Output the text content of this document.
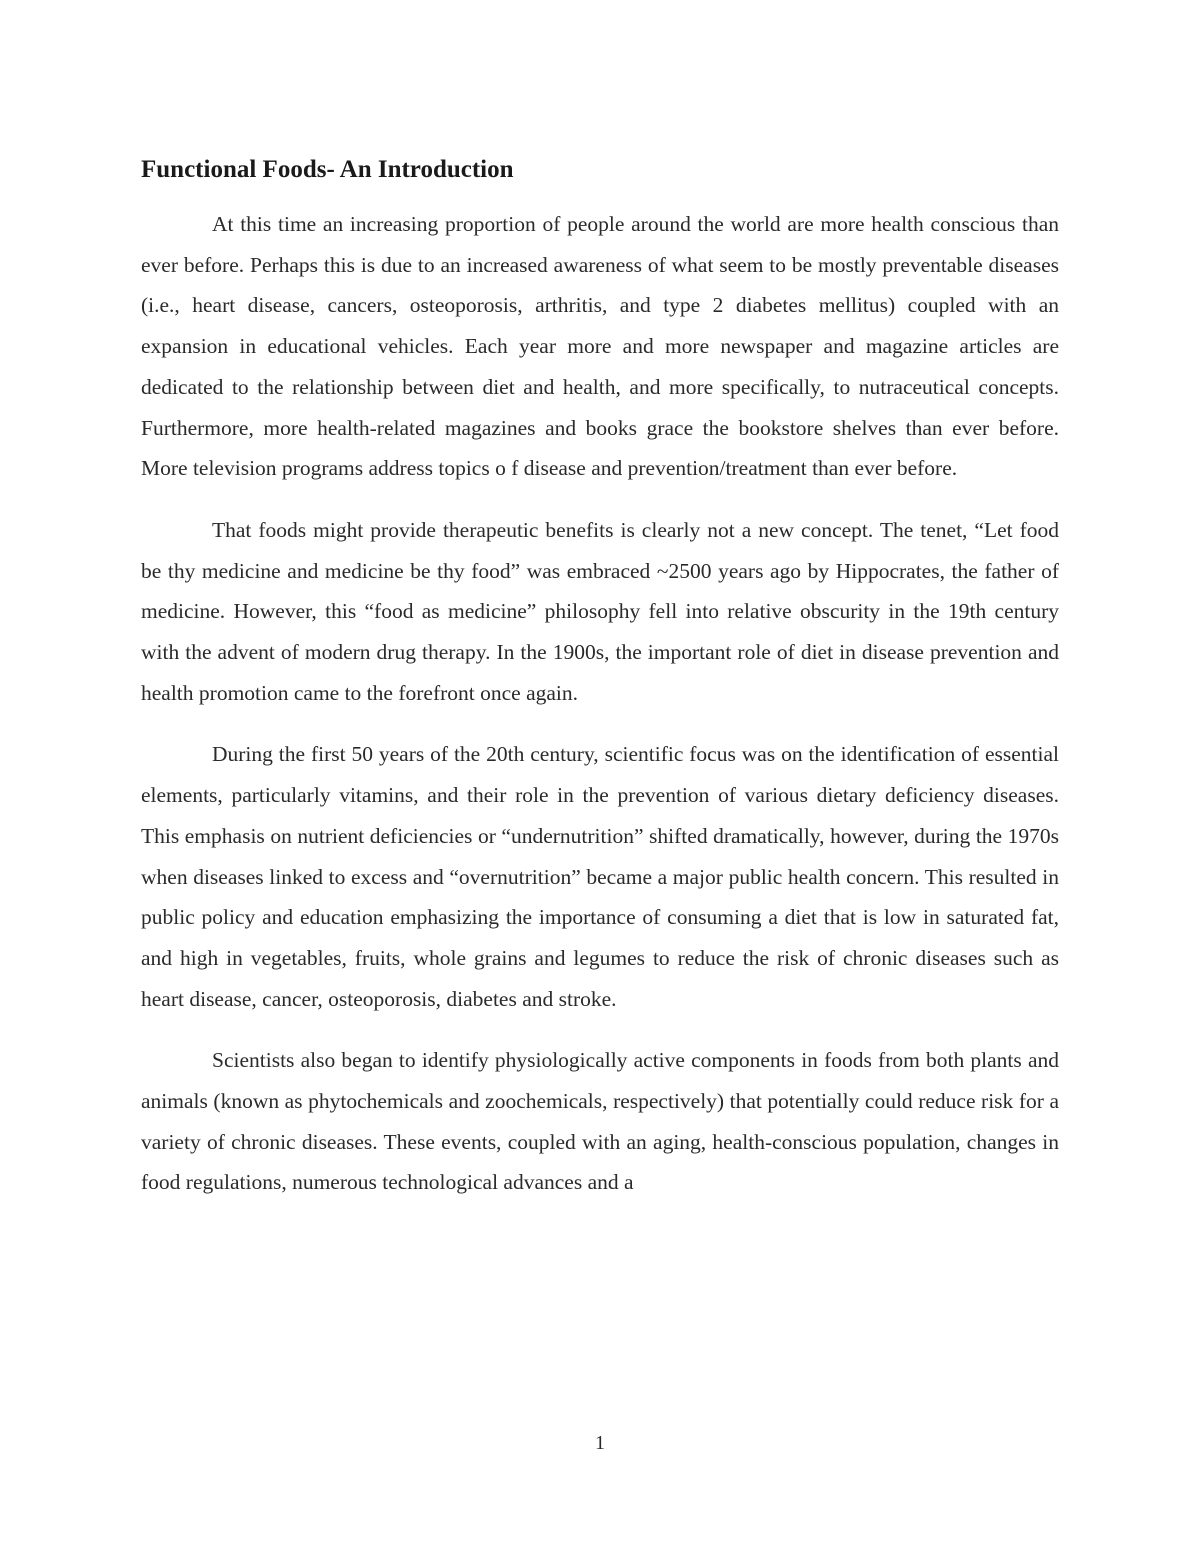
Functional Foods- An Introduction

At this time an increasing proportion of people around the world are more health conscious than ever before. Perhaps this is due to an increased awareness of what seem to be mostly preventable diseases (i.e., heart disease, cancers, osteoporosis, arthritis, and type 2 diabetes mellitus) coupled with an expansion in educational vehicles. Each year more and more newspaper and magazine articles are dedicated to the relationship between diet and health, and more specifically, to nutraceutical concepts. Furthermore, more health-related magazines and books grace the bookstore shelves than ever before. More television programs address topics o f disease and prevention/treatment than ever before.

That foods might provide therapeutic benefits is clearly not a new concept. The tenet, “Let food be thy medicine and medicine be thy food” was embraced ~2500 years ago by Hippocrates, the father of medicine. However, this “food as medicine” philosophy fell into relative obscurity in the 19th century with the advent of modern drug therapy. In the 1900s, the important role of diet in disease prevention and health promotion came to the forefront once again.

During the first 50 years of the 20th century, scientific focus was on the identification of essential elements, particularly vitamins, and their role in the prevention of various dietary deficiency diseases. This emphasis on nutrient deficiencies or “undernutrition” shifted dramatically, however, during the 1970s when diseases linked to excess and “overnutrition” became a major public health concern. This resulted in public policy and education emphasizing the importance of consuming a diet that is low in saturated fat, and high in vegetables, fruits, whole grains and legumes to reduce the risk of chronic diseases such as heart disease, cancer, osteoporosis, diabetes and stroke.

Scientists also began to identify physiologically active components in foods from both plants and animals (known as phytochemicals and zoochemicals, respectively) that potentially could reduce risk for a variety of chronic diseases. These events, coupled with an aging, health-conscious population, changes in food regulations, numerous technological advances and a

1
